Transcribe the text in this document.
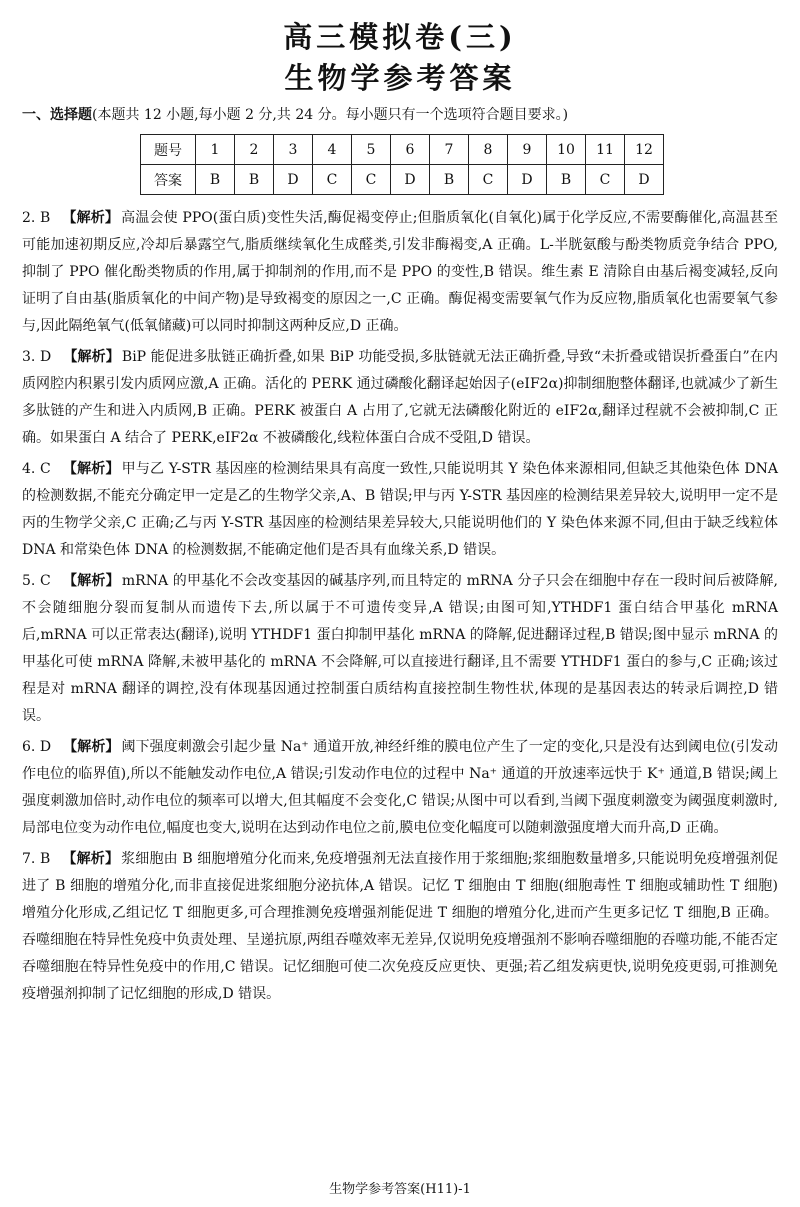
高三模拟卷(三)
生物学参考答案
一、选择题(本题共 12 小题,每小题 2 分,共 24 分。每小题只有一个选项符合题目要求。)
题号	1	2	3	4	5	6	7	8	9	10	11	12
答案	B	B	D	C	C	D	B	C	D	B	C	D

2. B 【解析】 高温会使 PPO(蛋白质)变性失活,酶促褐变停止;但脂质氧化(自氧化)属于化学反应,不需要酶催化,高温甚至可能加速初期反应,冷却后暴露空气,脂质继续氧化生成醛类,引发非酶褐变,A 正确。L-半胱氨酸与酚类物质竞争结合 PPO,抑制了 PPO 催化酚类物质的作用,属于抑制剂的作用,而不是 PPO 的变性,B 错误。维生素 E 清除自由基后褐变减轻,反向证明了自由基(脂质氧化的中间产物)是导致褐变的原因之一,C 正确。酶促褐变需要氧气作为反应物,脂质氧化也需要氧气参与,因此隔绝氧气(低氧储藏)可以同时抑制这两种反应,D 正确。

3. D 【解析】 BiP 能促进多肽链正确折叠,如果 BiP 功能受损,多肽链就无法正确折叠,导致“未折叠或错误折叠蛋白”在内质网腔内积累引发内质网应激,A 正确。活化的 PERK 通过磷酸化翻译起始因子(eIF2α)抑制细胞整体翻译,也就减少了新生多肽链的产生和进入内质网,B 正确。PERK 被蛋白 A 占用了,它就无法磷酸化附近的 eIF2α,翻译过程就不会被抑制,C 正确。如果蛋白 A 结合了 PERK,eIF2α 不被磷酸化,线粒体蛋白合成不受阻,D 错误。

4. C 【解析】 甲与乙 Y-STR 基因座的检测结果具有高度一致性,只能说明其 Y 染色体来源相同,但缺乏其他染色体 DNA 的检测数据,不能充分确定甲一定是乙的生物学父亲,A、B 错误;甲与丙 Y-STR 基因座的检测结果差异较大,说明甲一定不是丙的生物学父亲,C 正确;乙与丙 Y-STR 基因座的检测结果差异较大,只能说明他们的 Y 染色体来源不同,但由于缺乏线粒体 DNA 和常染色体 DNA 的检测数据,不能确定他们是否具有血缘关系,D 错误。

5. C 【解析】 mRNA 的甲基化不会改变基因的碱基序列,而且特定的 mRNA 分子只会在细胞中存在一段时间后被降解,不会随细胞分裂而复制从而遗传下去,所以属于不可遗传变异,A 错误;由图可知,YTHDF1 蛋白结合甲基化 mRNA 后,mRNA 可以正常表达(翻译),说明 YTHDF1 蛋白抑制甲基化 mRNA 的降解,促进翻译过程,B 错误;图中显示 mRNA 的甲基化可使 mRNA 降解,未被甲基化的 mRNA 不会降解,可以直接进行翻译,且不需要 YTHDF1 蛋白的参与,C 正确;该过程是对 mRNA 翻译的调控,没有体现基因通过控制蛋白质结构直接控制生物性状,体现的是基因表达的转录后调控,D 错误。

6. D 【解析】 阈下强度刺激会引起少量 Na⁺ 通道开放,神经纤维的膜电位产生了一定的变化,只是没有达到阈电位(引发动作电位的临界值),所以不能触发动作电位,A 错误;引发动作电位的过程中 Na⁺ 通道的开放速率远快于 K⁺ 通道,B 错误;阈上强度刺激加倍时,动作电位的频率可以增大,但其幅度不会变化,C 错误;从图中可以看到,当阈下强度刺激变为阈强度刺激时,局部电位变为动作电位,幅度也变大,说明在达到动作电位之前,膜电位变化幅度可以随刺激强度增大而升高,D 正确。

7. B 【解析】 浆细胞由 B 细胞增殖分化而来,免疫增强剂无法直接作用于浆细胞;浆细胞数量增多,只能说明免疫增强剂促进了 B 细胞的增殖分化,而非直接促进浆细胞分泌抗体,A 错误。记忆 T 细胞由 T 细胞(细胞毒性 T 细胞或辅助性 T 细胞)增殖分化形成,乙组记忆 T 细胞更多,可合理推测免疫增强剂能促进 T 细胞的增殖分化,进而产生更多记忆 T 细胞,B 正确。吞噬细胞在特异性免疫中负责处理、呈递抗原,两组吞噬效率无差异,仅说明免疫增强剂不影响吞噬细胞的吞噬功能,不能否定吞噬细胞在特异性免疫中的作用,C 错误。记忆细胞可使二次免疫反应更快、更强;若乙组发病更快,说明免疫更弱,可推测免疫增强剂抑制了记忆细胞的形成,D 错误。

生物学参考答案(H11)-1
